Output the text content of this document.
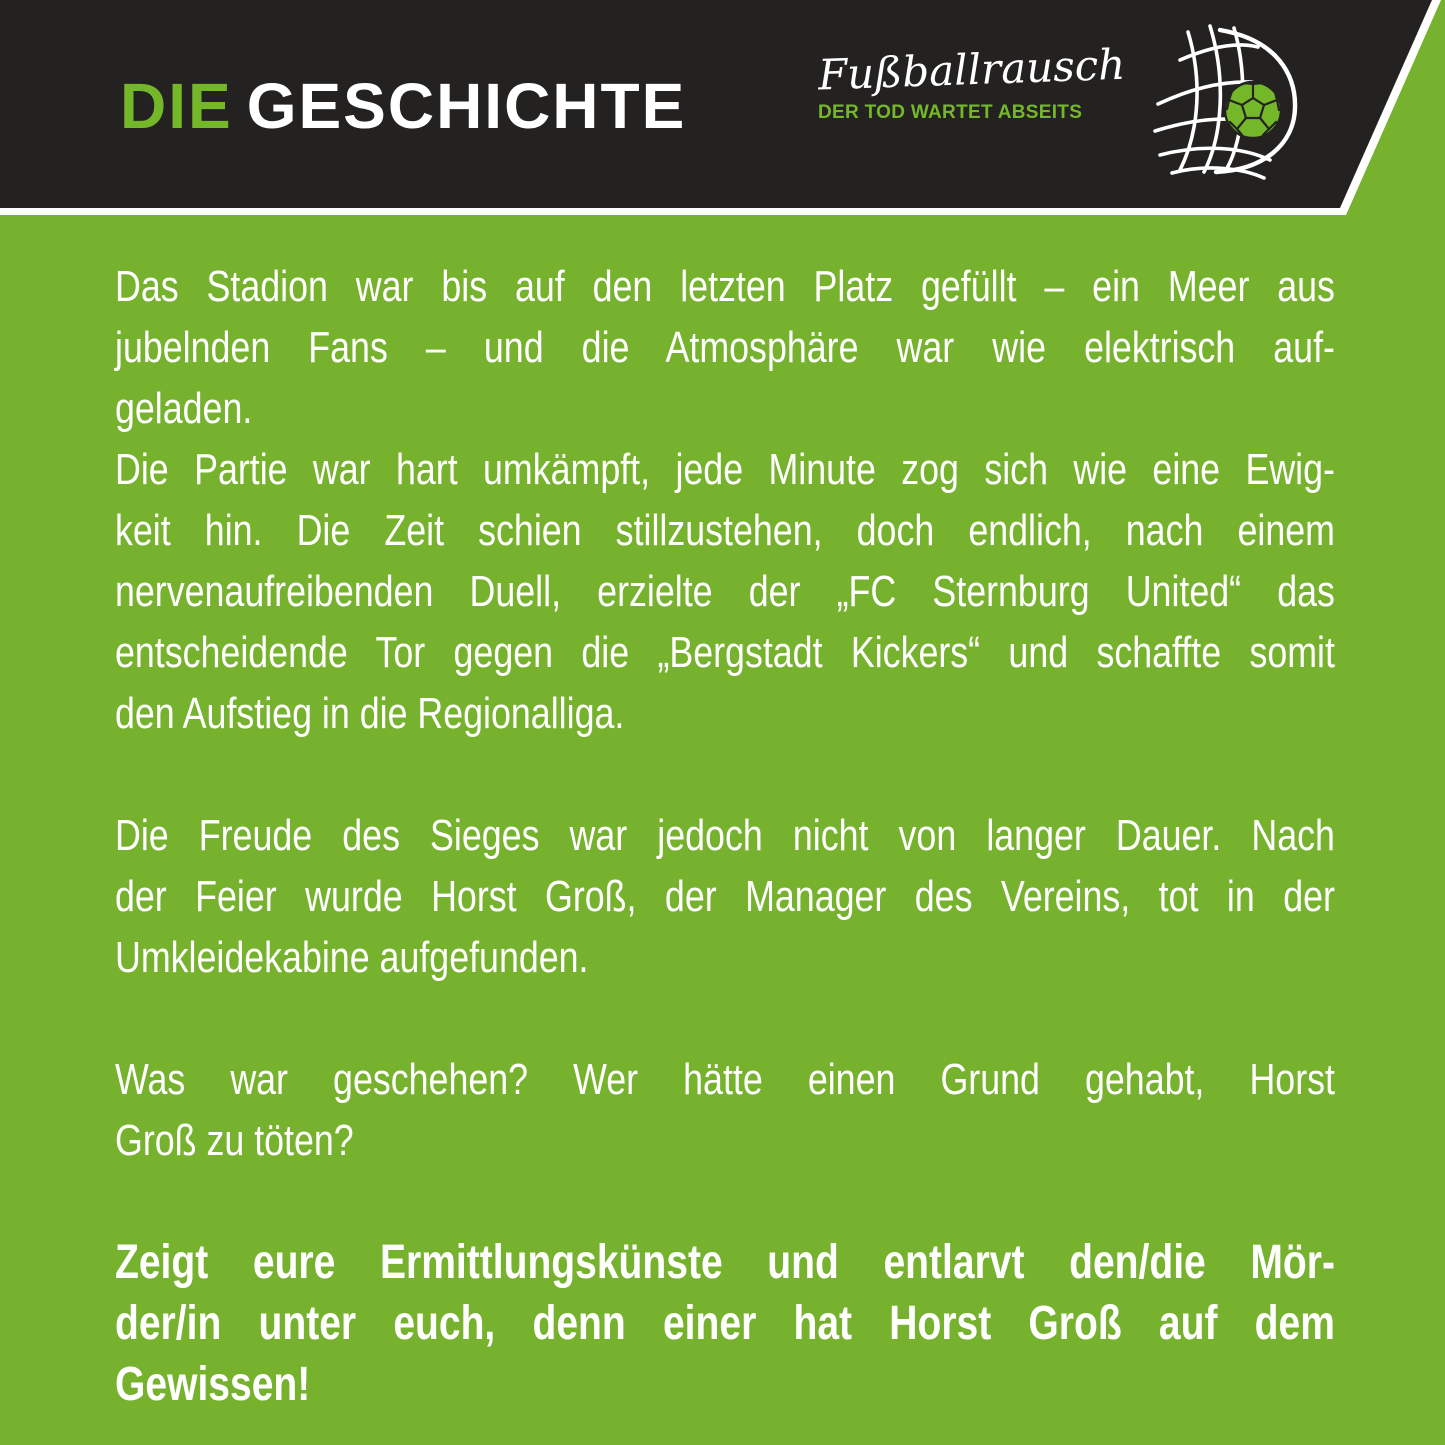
DIE GESCHICHTE
Fußballrausch
DER TOD WARTET ABSEITS
Das Stadion war bis auf den letzten Platz gefüllt – ein Meer aus
jubelnden Fans – und die Atmosphäre war wie elektrisch auf-
geladen.
Die Partie war hart umkämpft, jede Minute zog sich wie eine Ewig-
keit hin. Die Zeit schien stillzustehen, doch endlich, nach einem
nervenaufreibenden Duell, erzielte der „FC Sternburg United“ das
entscheidende Tor gegen die „Bergstadt Kickers“ und schaffte somit
den Aufstieg in die Regionalliga.
Die Freude des Sieges war jedoch nicht von langer Dauer. Nach
der Feier wurde Horst Groß, der Manager des Vereins, tot in der
Umkleidekabine aufgefunden.
Was war geschehen? Wer hätte einen Grund gehabt, Horst
Groß zu töten?
Zeigt eure Ermittlungskünste und entlarvt den/die Mör-
der/in unter euch, denn einer hat Horst Groß auf dem
Gewissen!
